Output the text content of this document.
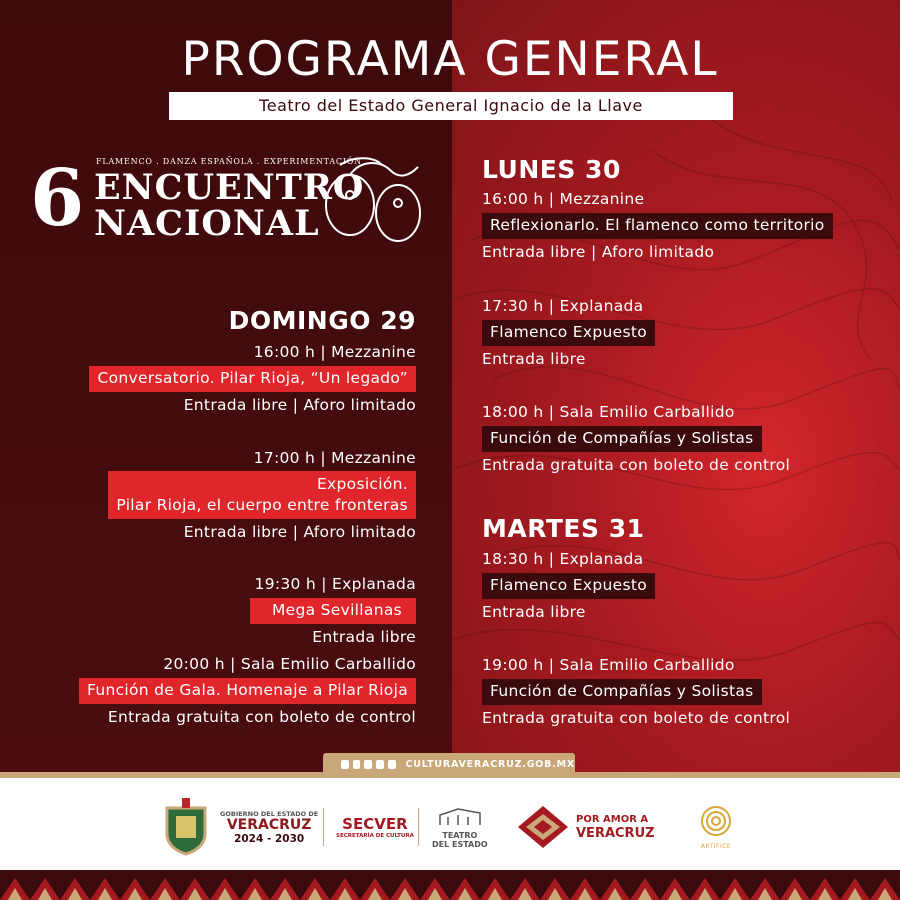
PROGRAMA GENERAL
Teatro del Estado General Ignacio de la Llave
6 FLAMENCO . DANZA ESPAÑOLA . EXPERIMENTACIÓN
ENCUENTRO
NACIONAL
DOMINGO 29
16:00 h | Mezzanine
Conversatorio. Pilar Rioja, “Un legado”
Entrada libre | Aforo limitado
17:00 h | Mezzanine
Exposición.
Pilar Rioja, el cuerpo entre fronteras
Entrada libre | Aforo limitado
19:30 h | Explanada
Mega Sevillanas
Entrada libre
20:00 h | Sala Emilio Carballido
Función de Gala. Homenaje a Pilar Rioja
Entrada gratuita con boleto de control
LUNES 30
16:00 h | Mezzanine
Reflexionarlo. El flamenco como territorio
Entrada libre | Aforo limitado
17:30 h | Explanada
Flamenco Expuesto
Entrada libre
18:00 h | Sala Emilio Carballido
Función de Compañías y Solistas
Entrada gratuita con boleto de control
MARTES 31
18:30 h | Explanada
Flamenco Expuesto
Entrada libre
19:00 h | Sala Emilio Carballido
Función de Compañías y Solistas
Entrada gratuita con boleto de control
GOBIERNO DEL ESTADO DE
VERACRUZ
2024 - 2030
SECVER
SECRETARÍA DE CULTURA	TEATRO
DEL ESTADO
POR AMOR A
VERACRUZ
ARTÍFICE
CULTURAVERACRUZ.GOB.MX
